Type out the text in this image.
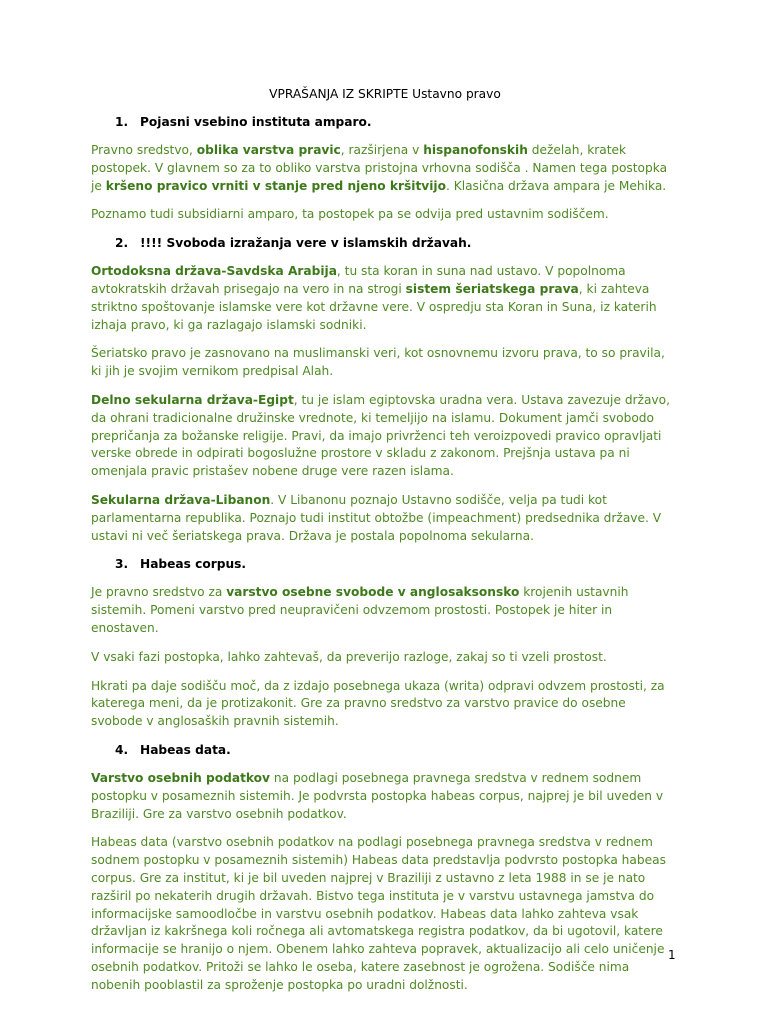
VPRAŠANJA IZ SKRIPTE Ustavno pravo
1. Pojasni vsebino instituta amparo.
Pravno sredstvo, oblika varstva pravic, razširjena v hispanofonskih deželah, kratek postopek. V glavnem so za to obliko varstva pristojna vrhovna sodišča . Namen tega postopka je kršeno pravico vrniti v stanje pred njeno kršitvijo. Klasična država ampara je Mehika.
Poznamo tudi subsidiarni amparo, ta postopek pa se odvija pred ustavnim sodiščem.
2. !!!! Svoboda izražanja vere v islamskih državah.
Ortodoksna država-Savdska Arabija, tu sta koran in suna nad ustavo. V popolnoma avtokratskih državah prisegajo na vero in na strogi sistem šeriatskega prava, ki zahteva striktno spoštovanje islamske vere kot državne vere. V ospredju sta Koran in Suna, iz katerih izhaja pravo, ki ga razlagajo islamski sodniki.
Šeriatsko pravo je zasnovano na muslimanski veri, kot osnovnemu izvoru prava, to so pravila, ki jih je svojim vernikom predpisal Alah.
Delno sekularna država-Egipt, tu je islam egiptovska uradna vera. Ustava zavezuje državo, da ohrani tradicionalne družinske vrednote, ki temeljijo na islamu. Dokument jamči svobodo prepričanja za božanske religije. Pravi, da imajo privrženci teh veroizpovedi pravico opravljati verske obrede in odpirati bogoslužne prostore v skladu z zakonom. Prejšnja ustava pa ni omenjala pravic pristašev nobene druge vere razen islama.
Sekularna država-Libanon. V Libanonu poznajo Ustavno sodišče, velja pa tudi kot parlamentarna republika. Poznajo tudi institut obtožbe (impeachment) predsednika države. V ustavi ni več šeriatskega prava. Država je postala popolnoma sekularna.
3. Habeas corpus.
Je pravno sredstvo za varstvo osebne svobode v anglosaksonsko krojenih ustavnih sistemih. Pomeni varstvo pred neupravičeni odvzemom prostosti. Postopek je hiter in enostaven.
V vsaki fazi postopka, lahko zahtevaš, da preverijo razloge, zakaj so ti vzeli prostost.
Hkrati pa daje sodišču moč, da z izdajo posebnega ukaza (writa) odpravi odvzem prostosti, za katerega meni, da je protizakonit. Gre za pravno sredstvo za varstvo pravice do osebne svobode v anglosaških pravnih sistemih.
4. Habeas data.
Varstvo osebnih podatkov na podlagi posebnega pravnega sredstva v rednem sodnem postopku v posameznih sistemih. Je podvrsta postopka habeas corpus, najprej je bil uveden v Braziliji. Gre za varstvo osebnih podatkov.
Habeas data (varstvo osebnih podatkov na podlagi posebnega pravnega sredstva v rednem sodnem postopku v posameznih sistemih) Habeas data predstavlja podvrsto postopka habeas corpus. Gre za institut, ki je bil uveden najprej v Braziliji z ustavno z leta 1988 in se je nato razširil po nekaterih drugih državah. Bistvo tega instituta je v varstvu ustavnega jamstva do informacijske samoodločbe in varstvu osebnih podatkov. Habeas data lahko zahteva vsak državljan iz kakršnega koli ročnega ali avtomatskega registra podatkov, da bi ugotovil, katere informacije se hranijo o njem. Obenem lahko zahteva popravek, aktualizacijo ali celo uničenje osebnih podatkov. Pritoži se lahko le oseba, katere zasebnost je ogrožena. Sodišče nima nobenih pooblastil za sproženje postopka po uradni dolžnosti.
1
